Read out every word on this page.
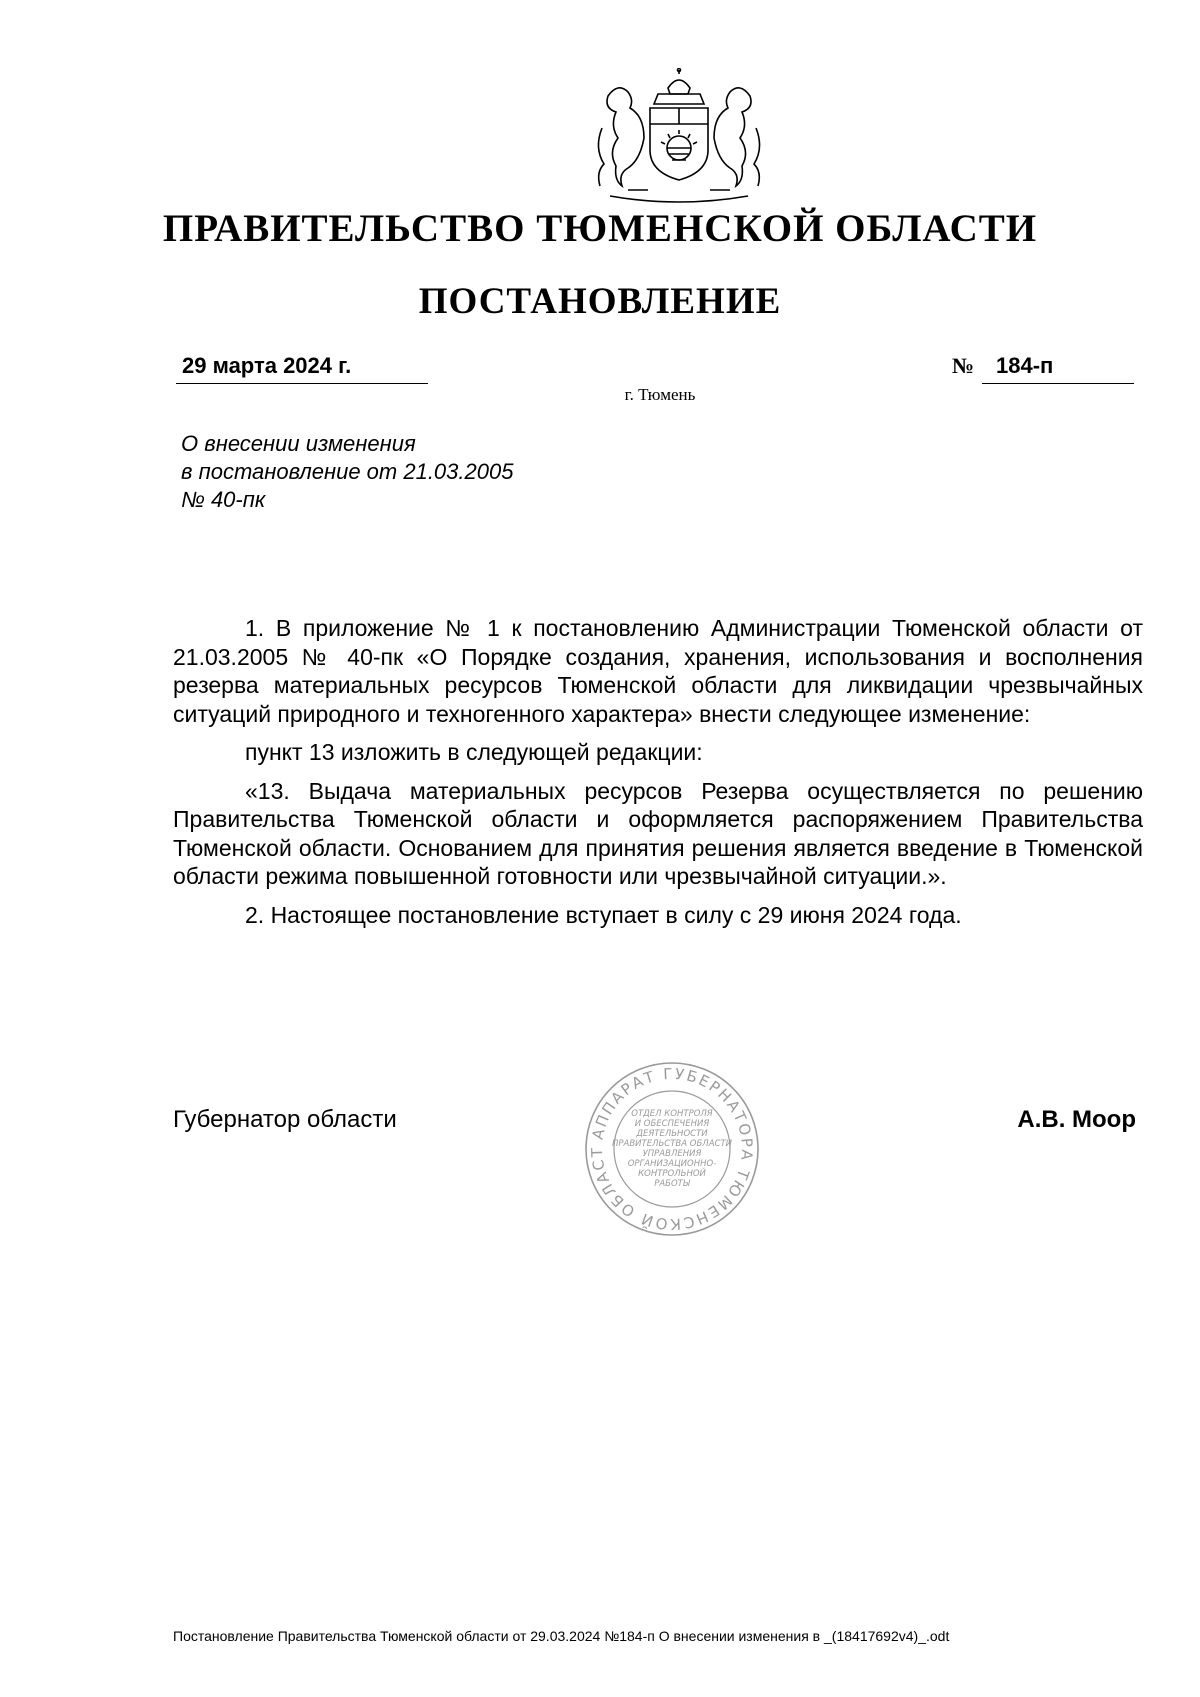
ПРАВИТЕЛЬСТВО ТЮМЕНСКОЙ ОБЛАСТИ
ПОСТАНОВЛЕНИЕ
29 марта 2024 г.	№ 184-п
г. Тюмень
О внесении изменения
в постановление от 21.03.2005
№ 40-пк

1. В приложение № 1 к постановлению Администрации Тюменской области от 21.03.2005 № 40-пк «О Порядке создания, хранения, использования и восполнения резерва материальных ресурсов Тюменской области для ликвидации чрезвычайных ситуаций природного и техногенного характера» внести следующее изменение:

пункт 13 изложить в следующей редакции:

«13. Выдача материальных ресурсов Резерва осуществляется по решению Правительства Тюменской области и оформляется распоряжением Правительства Тюменской области. Основанием для принятия решения является введение в Тюменской области режима повышенной готовности или чрезвычайной ситуации.».

2. Настоящее постановление вступает в силу с 29 июня 2024 года.

АППАРАТ ГУБЕРНАТОРА ТЮМЕНСКОЙ ОБЛАСТ
ОТДЕЛ КОНТРОЛЯ
И ОБЕСПЕЧЕНИЯ
ДЕЯТЕЛЬНОСТИ
ПРАВИТЕЛЬСТВА ОБЛАСТИ
УПРАВЛЕНИЯ
ОРГАНИЗАЦИОННО-
КОНТРОЛЬНОЙ
РАБОТЫ
Губернатор области	А.В. Моор
Постановление Правительства Тюменской области от 29.03.2024 №184-п О внесении изменения в _(18417692v4)_.odt
